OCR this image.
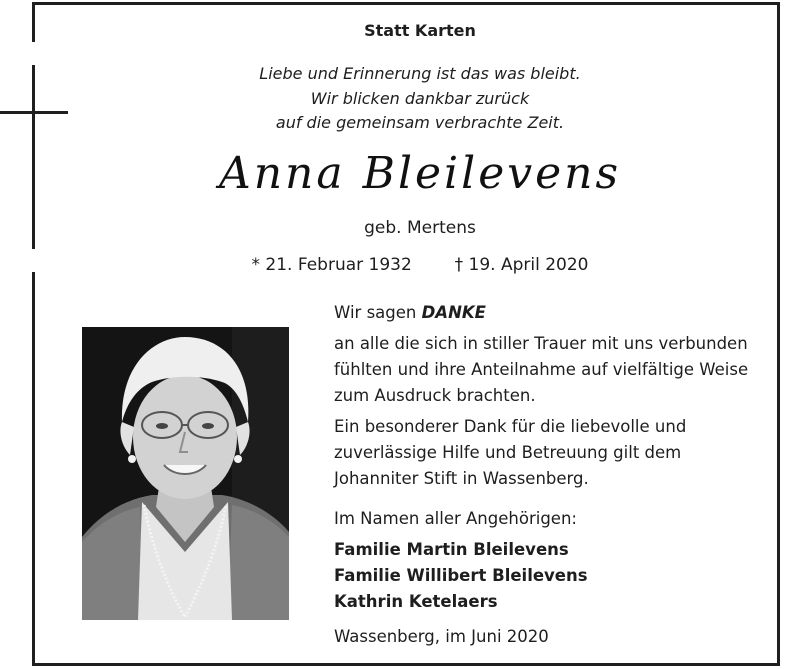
Statt Karten
Liebe und Erinnerung ist das was bleibt.
Wir blicken dankbar zurück
auf die gemeinsam verbrachte Zeit.
Anna Bleilevens
geb. Mertens
* 21. Februar 1932	† 19. April 2020
Wir sagen DANKE
an alle die sich in stiller Trauer mit uns verbunden
fühlten und ihre Anteilnahme auf vielfältige Weise
zum Ausdruck brachten.
Ein besonderer Dank für die liebevolle und
zuverlässige Hilfe und Betreuung gilt dem
Johanniter Stift in Wassenberg.
Im Namen aller Angehörigen:
Familie Martin Bleilevens
Familie Willibert Bleilevens
Kathrin Ketelaers
Wassenberg, im Juni 2020
